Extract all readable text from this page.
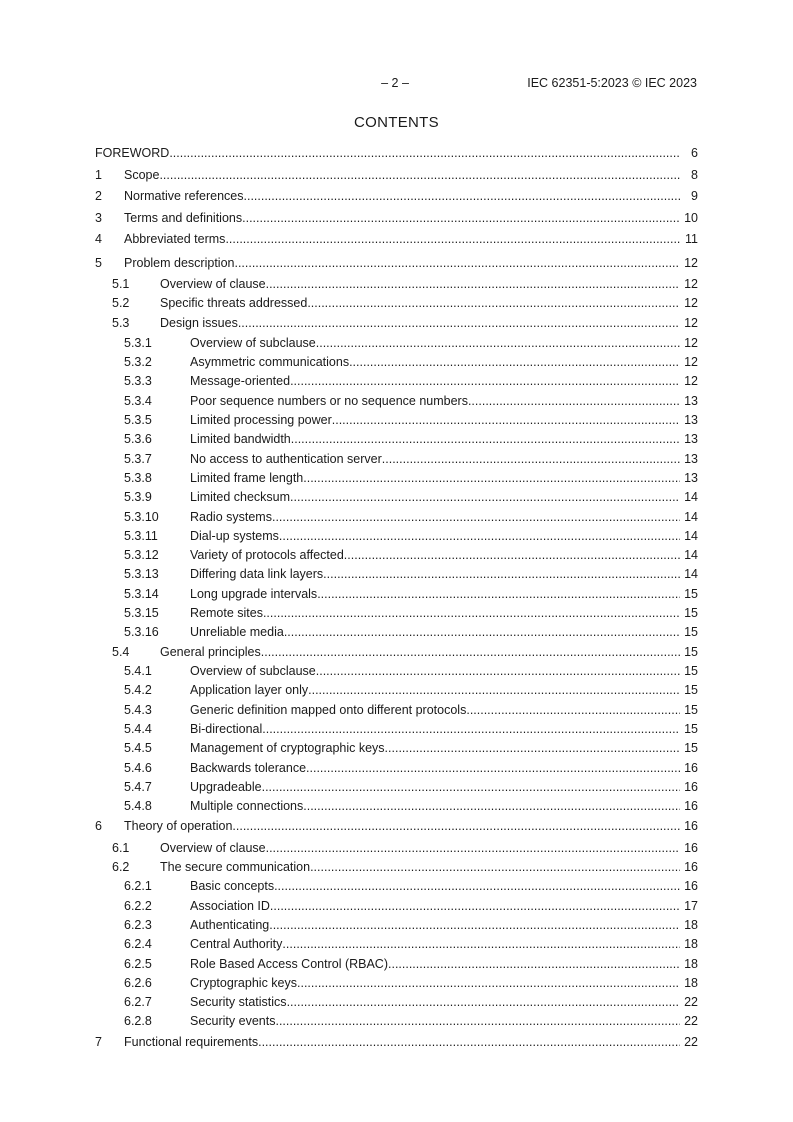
– 2 –	IEC 62351-5:2023 © IEC 2023
CONTENTS
FOREWORD .....	6
1 Scope .....	8
2 Normative references .....	9
3 Terms and definitions .....	10
4 Abbreviated terms .....	11
5 Problem description .....	12
5.1 Overview of clause .....	12
5.2 Specific threats addressed .....	12
5.3 Design issues .....	12
5.3.1	Overview of subclause .....	12
5.3.2	Asymmetric communications .....	12
5.3.3	Message-oriented .....	12
5.3.4	Poor sequence numbers or no sequence numbers .....	13
5.3.5	Limited processing power .....	13
5.3.6	Limited bandwidth .....	13
5.3.7	No access to authentication server .....	13
5.3.8	Limited frame length .....	13
5.3.9	Limited checksum .....	14
5.3.10 Radio systems .....	14
5.3.11	Dial-up systems .....	14
5.3.12 Variety of protocols affected .....	14
5.3.13 Differing data link layers .....	14
5.3.14 Long upgrade intervals .....	15
5.3.15 Remote sites .....	15
5.3.16 Unreliable media .....	15
5.4 General principles .....	15
5.4.1	Overview of subclause .....	15
5.4.2	Application layer only .....	15
5.4.3	Generic definition mapped onto different protocols .....	15
5.4.4	Bi-directional .....	15
5.4.5	Management of cryptographic keys .....	15
5.4.6	Backwards tolerance .....	16
5.4.7	Upgradeable .....	16
5.4.8	Multiple connections .....	16
6 Theory of operation .....	16
6.1 Overview of clause .....	16
6.2 The secure communication .....	16
6.2.1	Basic concepts .....	16
6.2.2	Association ID .....	17
6.2.3	Authenticating .....	18
6.2.4	Central Authority .....	18
6.2.5	Role Based Access Control (RBAC) .....	18
6.2.6	Cryptographic keys .....	18
6.2.7	Security statistics .....	22
6.2.8	Security events .....	22
7 Functional requirements .....	22
